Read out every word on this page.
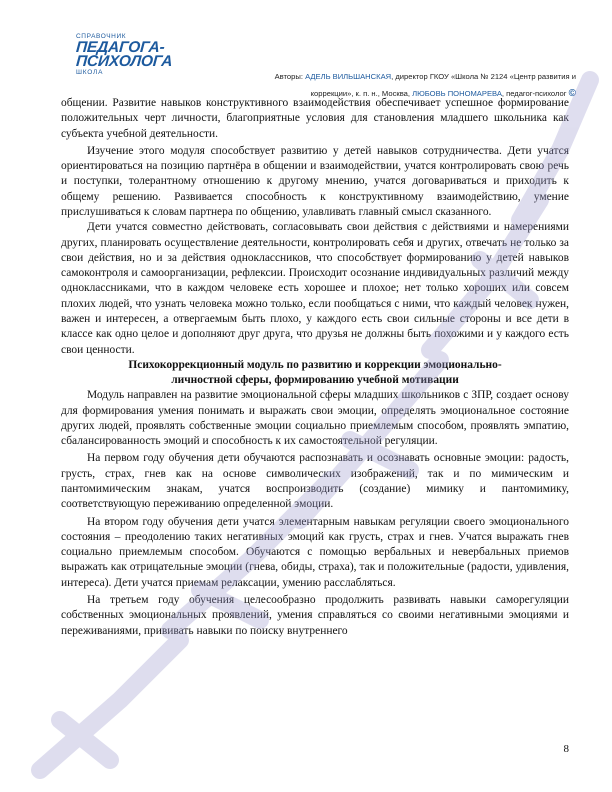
СПРАВОЧНИК
ПЕДАГОГА-
ПСИХОЛОГА
ШКОЛА	Авторы: АДЕЛЬ ВИЛЬШАНСКАЯ, директор ГКОУ «Школа № 2124 «Центр развития и
коррекции», к. п. н., Москва, ЛЮБОВЬ ПОНОМАРЕВА, педагог-психолог ©

общении. Развитие навыков конструктивного взаимодействия обеспечивает успешное формирование положительных черт личности, благоприятные условия для становления младшего школьника как субъекта учебной деятельности.

Изучение этого модуля способствует развитию у детей навыков сотрудничества. Дети учатся ориентироваться на позицию партнёра в общении и взаимодействии, учатся контролировать свою речь и поступки, толерантному отношению к другому мнению, учатся договариваться и приходить к общему решению. Развивается способность к конструктивному взаимодействию, умение прислушиваться к словам партнера по общению, улавливать главный смысл сказанного.

Дети учатся совместно действовать, согласовывать свои действия с действиями и намерениями других, планировать осуществление деятельности, контролировать себя и других, отвечать не только за свои действия, но и за действия одноклассников, что способствует формированию у детей навыков самоконтроля и самоорганизации, рефлексии. Происходит осознание индивидуальных различий между одноклассниками, что в каждом человеке есть хорошее и плохое; нет только хороших или совсем плохих людей, что узнать человека можно только, если пообщаться с ними, что каждый человек нужен, важен и интересен, а отвергаемым быть плохо, у каждого есть свои сильные стороны и все дети в классе как одно целое и дополняют друг друга, что друзья не должны быть похожими и у каждого есть свои ценности.

Психокоррекционный модуль по развитию и коррекции эмоционально-
личностной сферы, формированию учебной мотивации

Модуль направлен на развитие эмоциональной сферы младших школьников с ЗПР, создает основу для формирования умения понимать и выражать свои эмоции, определять эмоциональное состояние других людей, проявлять собственные эмоции социально приемлемым способом, проявлять эмпатию, сбалансированность эмоций и способность к их самостоятельной регуляции.

На первом году обучения дети обучаются распознавать и осознавать основные эмоции: радость, грусть, страх, гнев как на основе символических изображений, так и по мимическим и пантомимическим знакам, учатся воспроизводить (создание) мимику и пантомимику, соответствующую переживанию определенной эмоции.

На втором году обучения дети учатся элементарным навыкам регуляции своего эмоционального состояния – преодолению таких негативных эмоций как грусть, страх и гнев. Учатся выражать гнев социально приемлемым способом. Обучаются с помощью вербальных и невербальных приемов выражать как отрицательные эмоции (гнева, обиды, страха), так и положительные (радости, удивления, интереса). Дети учатся приемам релаксации, умению расслабляться.

На третьем году обучения целесообразно продолжить развивать навыки саморегуляции собственных эмоциональных проявлений, умения справляться со своими негативными эмоциями и переживаниями, прививать навыки по поиску внутреннего

8
